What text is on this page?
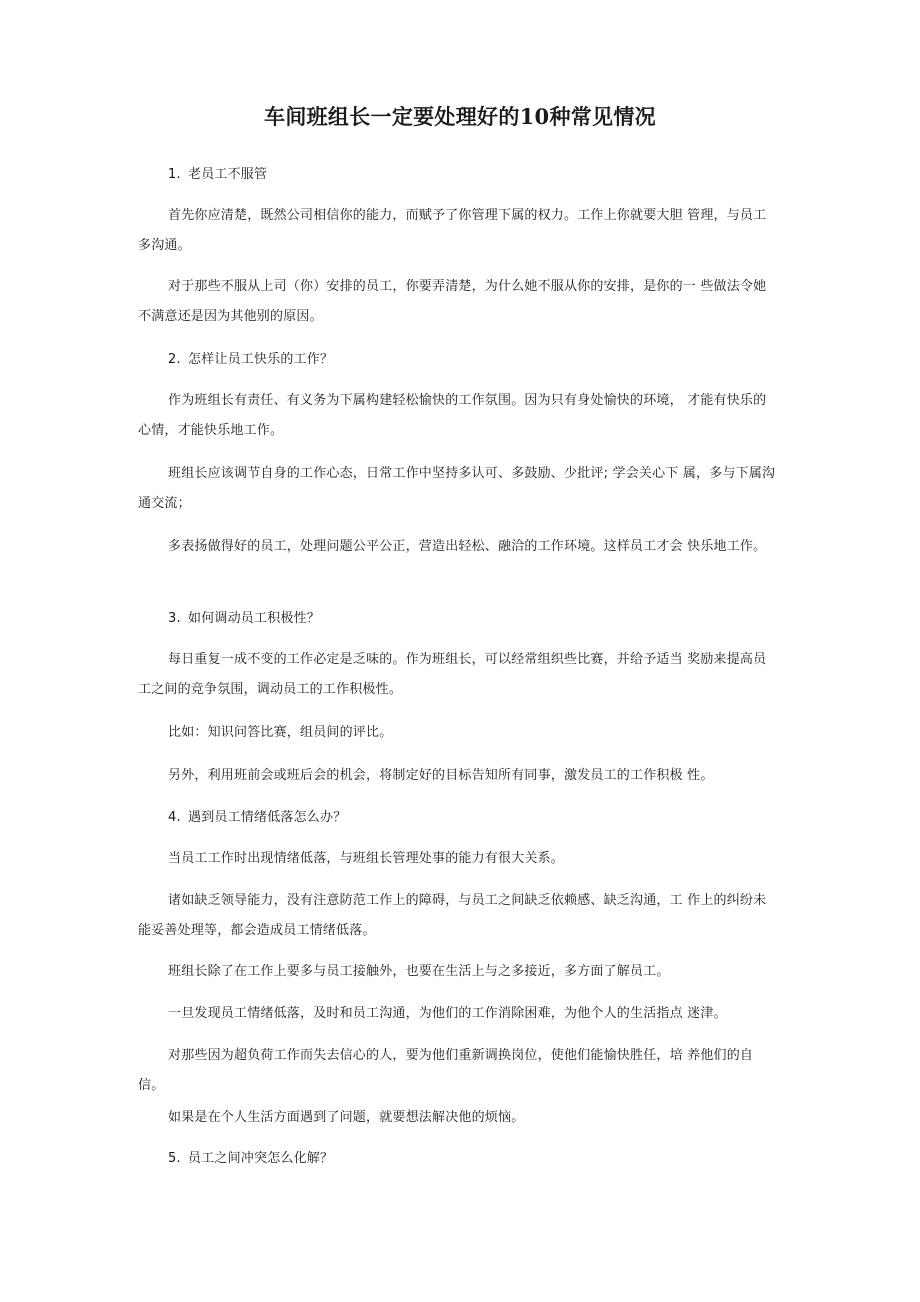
车间班组长一定要处理好的10种常见情况
1. 老员工不服管

首先你应清楚，既然公司相信你的能力，而赋予了你管理下属的权力。工作上你就要大胆 管理，与员工多沟通。

对于那些不服从上司（你）安排的员工，你要弄清楚，为什么她不服从你的安排，是你的一 些做法令她不满意还是因为其他别的原因。

2. 怎样让员工快乐的工作？

作为班组长有责任、有义务为下属构建轻松愉快的工作氛围。因为只有身处愉快的环境， 才能有快乐的心情，才能快乐地工作。

班组长应该调节自身的工作心态，日常工作中坚持多认可、多鼓励、少批评; 学会关心下 属，多与下属沟通交流；

多表扬做得好的员工，处理问题公平公正，营造出轻松、融洽的工作环境。这样员工才会 快乐地工作。

3. 如何调动员工积极性？

每日重复一成不变的工作必定是乏味的。作为班组长，可以经常组织些比赛，并给予适当 奖励来提高员工之间的竞争氛围，调动员工的工作积极性。

比如：知识问答比赛，组员间的评比。

另外，利用班前会或班后会的机会，将制定好的目标告知所有同事，激发员工的工作积极 性。

4. 遇到员工情绪低落怎么办？

当员工工作时出现情绪低落，与班组长管理处事的能力有很大关系。

诸如缺乏领导能力，没有注意防范工作上的障碍，与员工之间缺乏依赖感、缺乏沟通，工 作上的纠纷未能妥善处理等，都会造成员工情绪低落。

班组长除了在工作上要多与员工接触外，也要在生活上与之多接近，多方面了解员工。

一旦发现员工情绪低落，及时和员工沟通，为他们的工作消除困难，为他个人的生活指点 迷津。

对那些因为超负荷工作而失去信心的人，要为他们重新调换岗位，使他们能愉快胜任，培 养他们的自信。

如果是在个人生活方面遇到了问题，就要想法解决他的烦恼。

5. 员工之间冲突怎么化解？
